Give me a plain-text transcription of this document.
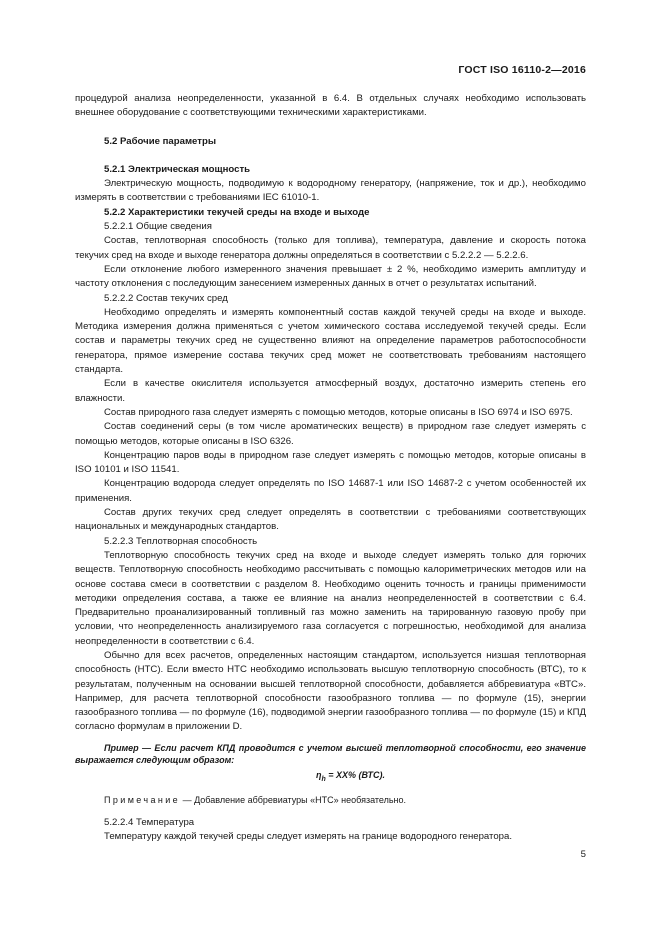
ГОСТ ISO 16110-2—2016

процедурой анализа неопределенности, указанной в 6.4. В отдельных случаях необходимо использовать внешнее оборудование с соответствующими техническими характеристиками.

5.2 Рабочие параметры

5.2.1 Электрическая мощность

Электрическую мощность, подводимую к водородному генератору, (напряжение, ток и др.), необходимо измерять в соответствии с требованиями IEC 61010-1.

5.2.2 Характеристики текучей среды на входе и выходе

5.2.2.1 Общие сведения

Состав, теплотворная способность (только для топлива), температура, давление и скорость потока текучих сред на входе и выходе генератора должны определяться в соответствии с 5.2.2.2 — 5.2.2.6.

Если отклонение любого измеренного значения превышает ± 2 %, необходимо измерить амплитуду и частоту отклонения с последующим занесением измеренных данных в отчет о результатах испытаний.

5.2.2.2 Состав текучих сред

Необходимо определять и измерять компонентный состав каждой текучей среды на входе и выходе. Методика измерения должна применяться с учетом химического состава исследуемой текучей среды. Если состав и параметры текучих сред не существенно влияют на определение параметров работоспособности генератора, прямое измерение состава текучих сред может не соответствовать требованиям настоящего стандарта.

Если в качестве окислителя используется атмосферный воздух, достаточно измерить степень его влажности.

Состав природного газа следует измерять с помощью методов, которые описаны в ISO 6974 и ISO 6975.

Состав соединений серы (в том числе ароматических веществ) в природном газе следует измерять с помощью методов, которые описаны в ISO 6326.

Концентрацию паров воды в природном газе следует измерять с помощью методов, которые описаны в ISO 10101 и ISO 11541.

Концентрацию водорода следует определять по ISO 14687-1 или ISO 14687-2 с учетом особенностей их применения.

Состав других текучих сред следует определять в соответствии с требованиями соответствующих национальных и международных стандартов.

5.2.2.3 Теплотворная способность

Теплотворную способность текучих сред на входе и выходе следует измерять только для горючих веществ. Теплотворную способность необходимо рассчитывать с помощью калориметрических методов или на основе состава смеси в соответствии с разделом 8. Необходимо оценить точность и границы применимости методики определения состава, а также ее влияние на анализ неопределенностей в соответствии с 6.4. Предварительно проанализированный топливный газ можно заменить на тарированную газовую пробу при условии, что неопределенность анализируемого газа согласуется с погрешностью, необходимой для анализа неопределенности в соответствии с 6.4.

Обычно для всех расчетов, определенных настоящим стандартом, используется низшая теплотворная способность (НТС). Если вместо НТС необходимо использовать высшую теплотворную способность (ВТС), то к результатам, полученным на основании высшей теплотворной способности, добавляется аббревиатура «ВТС». Например, для расчета теплотворной способности газообразного топлива — по формуле (15), энергии газообразного топлива — по формуле (16), подводимой энергии газообразного топлива — по формуле (15) и КПД согласно формулам в приложении D.

Пример — Если расчет КПД проводится с учетом высшей теплотворной способности, его значение выражается следующим образом:

$\eta_h = XX\%$ (ВТС).

Примечание — Добавление аббревиатуры «НТС» необязательно.

5.2.2.4 Температура

Температуру каждой текучей среды следует измерять на границе водородного генератора.

5
